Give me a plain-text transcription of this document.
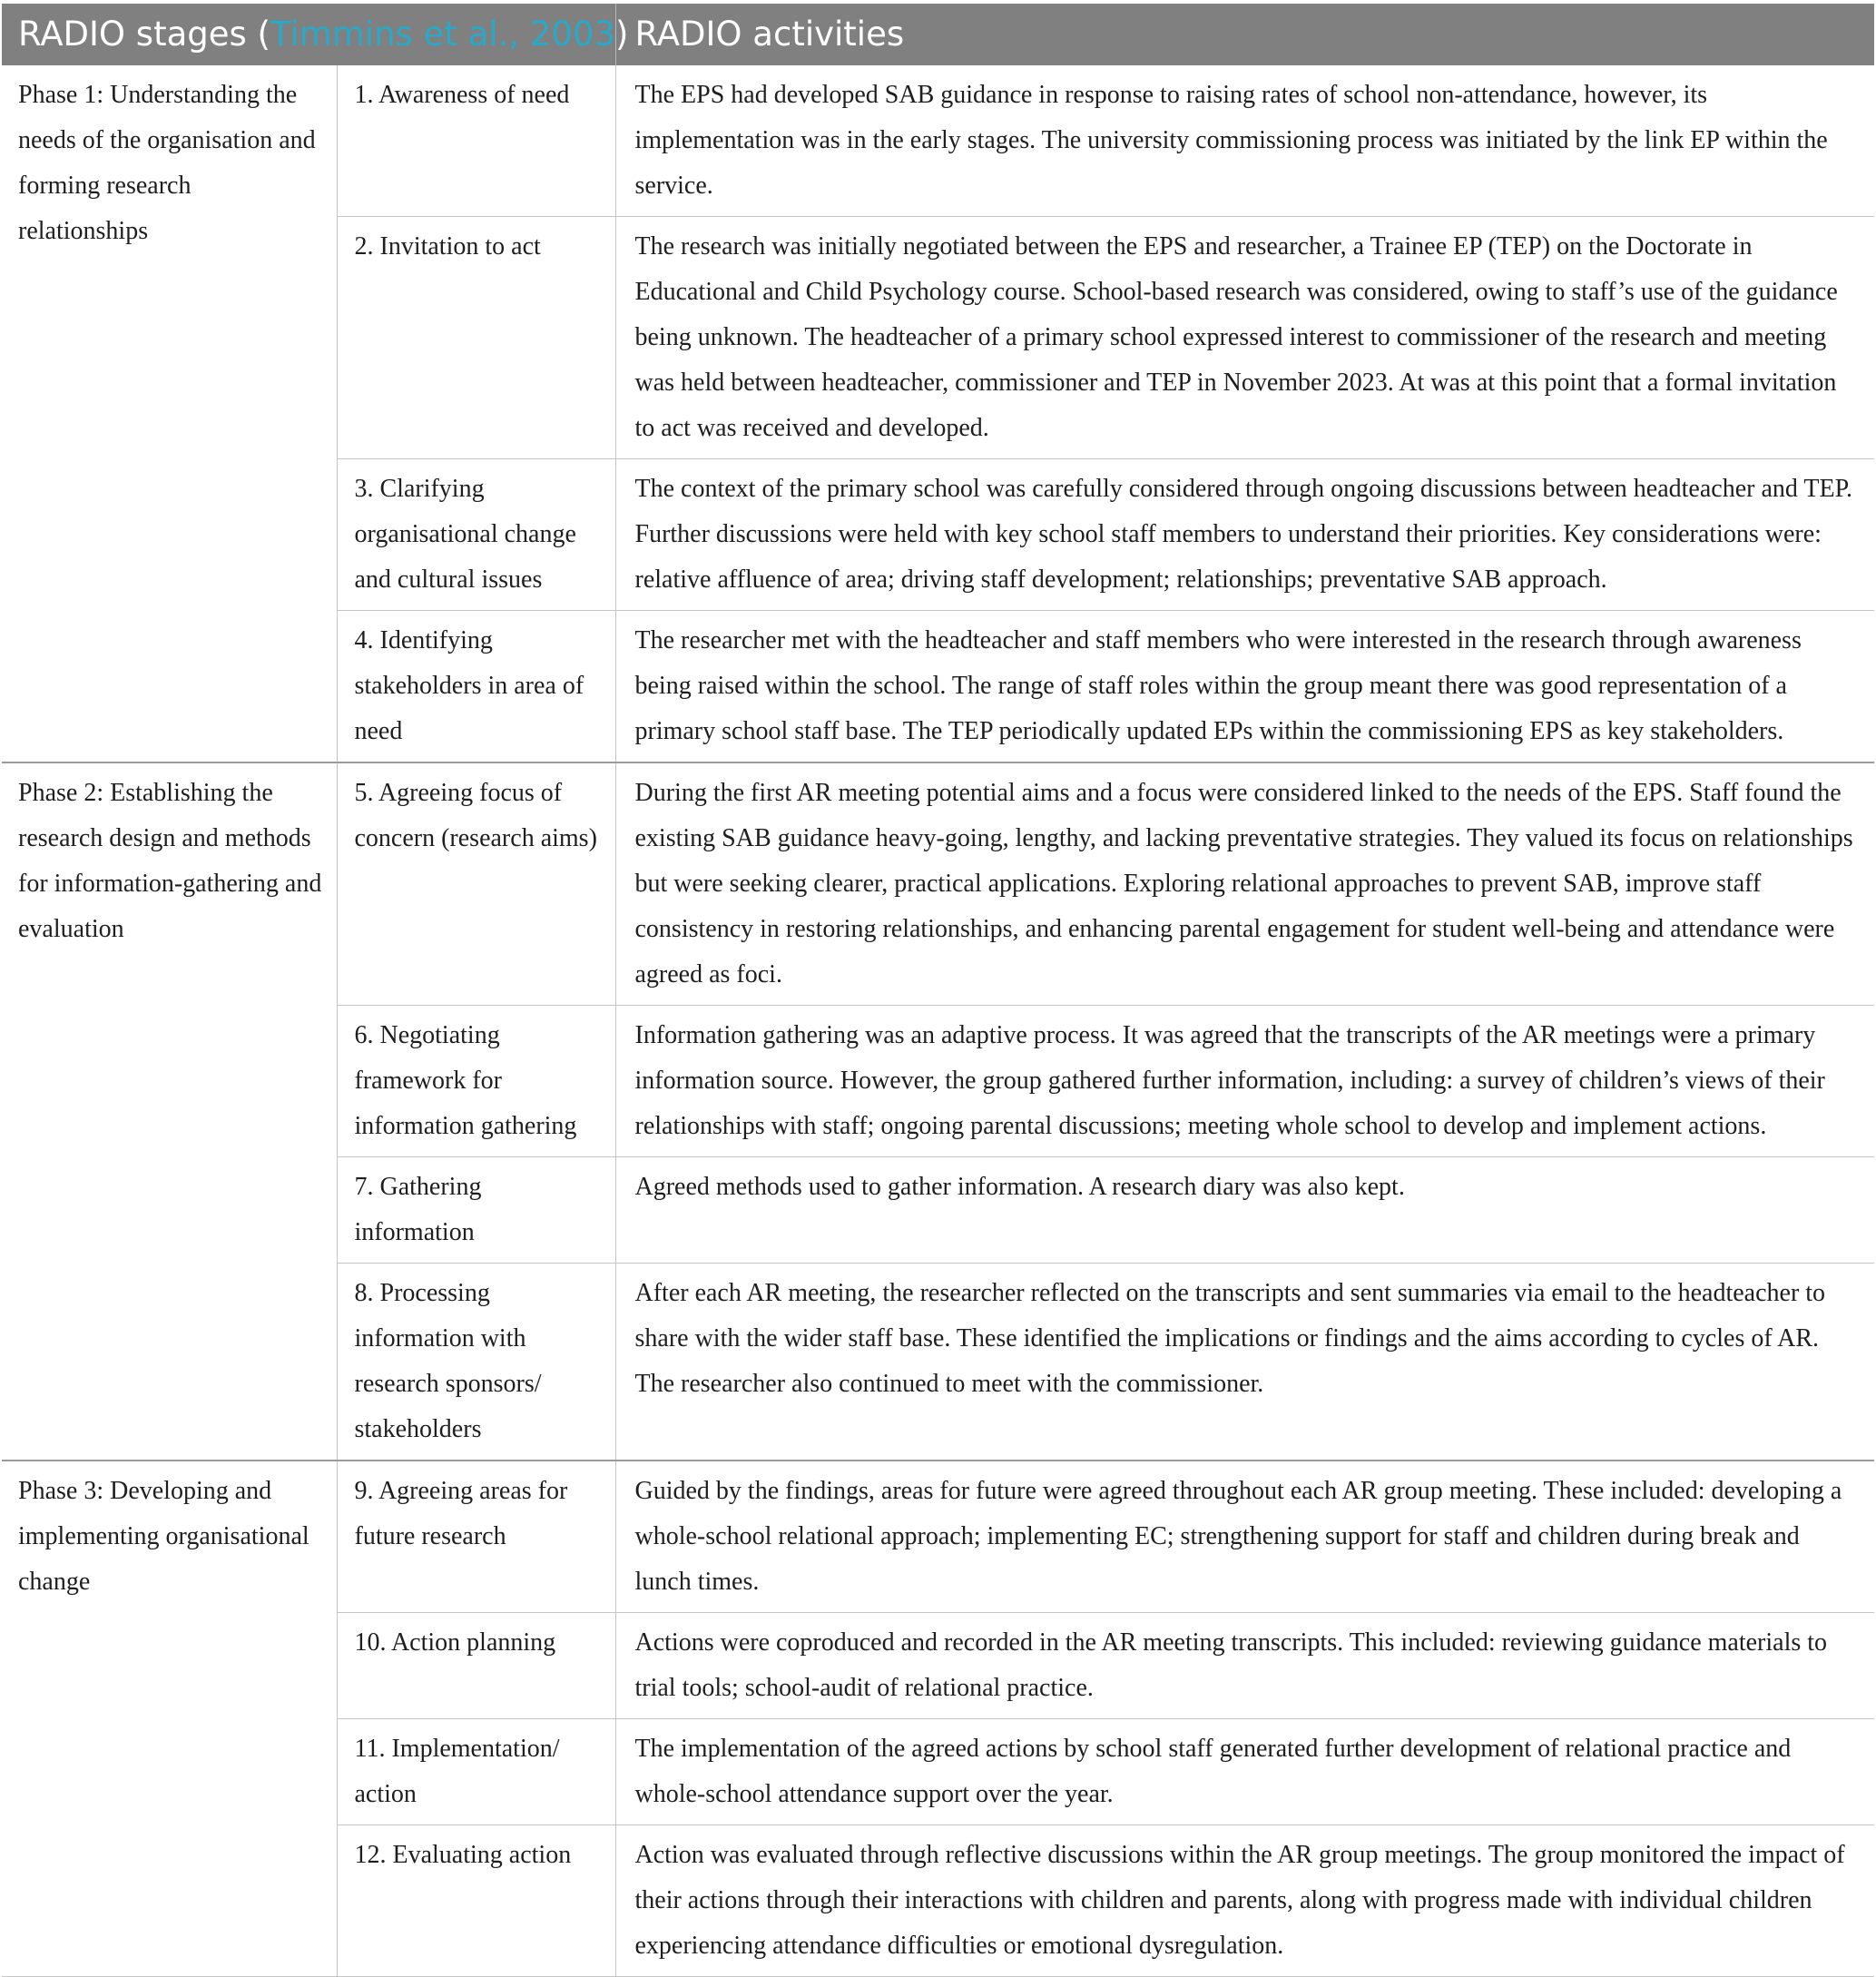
RADIO stages (Timmins et al., 2003)		RADIO activities
Phase 1: Understanding the needs of the organisation and forming research relationships	1. Awareness of need	The EPS had developed SAB guidance in response to raising rates of school non-attendance, however, its implementation was in the early stages. The university commissioning process was initiated by the link EP within the service.
	2. Invitation to act	The research was initially negotiated between the EPS and researcher, a Trainee EP (TEP) on the Doctorate in Educational and Child Psychology course. School-based research was considered, owing to staff’s use of the guidance being unknown. The headteacher of a primary school expressed interest to commissioner of the research and meeting was held between headteacher, commissioner and TEP in November 2023. At was at this point that a formal invitation to act was received and developed.
	3. Clarifying organisational change and cultural issues	The context of the primary school was carefully considered through ongoing discussions between headteacher and TEP. Further discussions were held with key school staff members to understand their priorities. Key considerations were: relative affluence of area; driving staff development; relationships; preventative SAB approach.
	4. Identifying stakeholders in area of need	The researcher met with the headteacher and staff members who were interested in the research through awareness being raised within the school. The range of staff roles within the group meant there was good representation of a primary school staff base. The TEP periodically updated EPs within the commissioning EPS as key stakeholders.
Phase 2: Establishing the research design and methods for information-gathering and evaluation	5. Agreeing focus of concern (research aims)	During the first AR meeting potential aims and a focus were considered linked to the needs of the EPS. Staff found the existing SAB guidance heavy-going, lengthy, and lacking preventative strategies. They valued its focus on relationships but were seeking clearer, practical applications. Exploring relational approaches to prevent SAB, improve staff consistency in restoring relationships, and enhancing parental engagement for student well-being and attendance were agreed as foci.
	6. Negotiating framework for information gathering	Information gathering was an adaptive process. It was agreed that the transcripts of the AR meetings were a primary information source. However, the group gathered further information, including: a survey of children’s views of their relationships with staff; ongoing parental discussions; meeting whole school to develop and implement actions.
	7. Gathering information	Agreed methods used to gather information. A research diary was also kept.
	8. Processing information with research sponsors/ stakeholders	After each AR meeting, the researcher reflected on the transcripts and sent summaries via email to the headteacher to share with the wider staff base. These identified the implications or findings and the aims according to cycles of AR. The researcher also continued to meet with the commissioner.
Phase 3: Developing and implementing organisational change	9. Agreeing areas for future research	Guided by the findings, areas for future were agreed throughout each AR group meeting. These included: developing a whole-school relational approach; implementing EC; strengthening support for staff and children during break and lunch times.
	10. Action planning	Actions were coproduced and recorded in the AR meeting transcripts. This included: reviewing guidance materials to trial tools; school-audit of relational practice.
	11. Implementation/ action	The implementation of the agreed actions by school staff generated further development of relational practice and whole-school attendance support over the year.
	12. Evaluating action	Action was evaluated through reflective discussions within the AR group meetings. The group monitored the impact of their actions through their interactions with children and parents, along with progress made with individual children experiencing attendance difficulties or emotional dysregulation.
